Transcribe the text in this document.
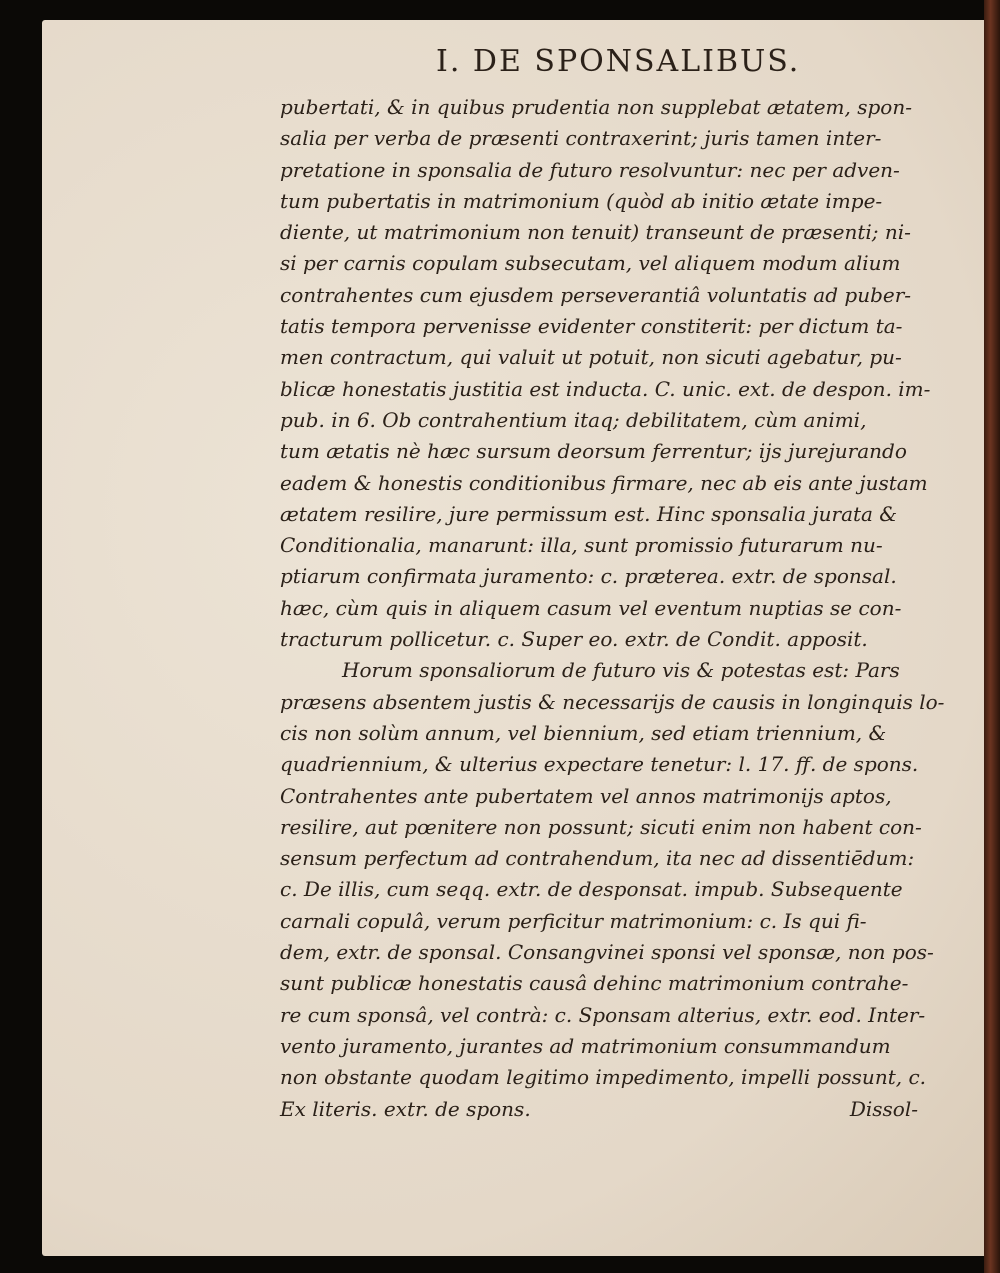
I. DE SPONSALIBUS.
pubertati, & in quibus prudentia non supplebat ætatem, spon-
salia per verba de præsenti contraxerint; juris tamen inter-
pretatione in sponsalia de futuro resolvuntur: nec per adven-
tum pubertatis in matrimonium (quòd ab initio ætate impe-
diente, ut matrimonium non tenuit) transeunt de præsenti; ni-
si per carnis copulam subsecutam, vel aliquem modum alium
contrahentes cum ejusdem perseverantiâ voluntatis ad puber-
tatis tempora pervenisse evidenter constiterit: per dictum ta-
men contractum, qui valuit ut potuit, non sicuti agebatur, pu-
blicæ honestatis justitia est inducta. C. unic. ext. de despon. im-
pub. in 6. Ob contrahentium itaq; debilitatem, cùm animi,
tum ætatis nè hæc sursum deorsum ferrentur; ijs jurejurando
eadem & honestis conditionibus firmare, nec ab eis ante justam
ætatem resilire, jure permissum est. Hinc sponsalia jurata &
Conditionalia, manarunt: illa, sunt promissio futurarum nu-
ptiarum confirmata juramento: c. præterea. extr. de sponsal.
hæc, cùm quis in aliquem casum vel eventum nuptias se con-
tracturum pollicetur. c. Super eo. extr. de Condit. apposit.
Horum sponsaliorum de futuro vis & potestas est: Pars
præsens absentem justis & necessarijs de causis in longinquis lo-
cis non solùm annum, vel biennium, sed etiam triennium, &
quadriennium, & ulterius expectare tenetur: l. 17. ff. de spons.
Contrahentes ante pubertatem vel annos matrimonijs aptos,
resilire, aut pœnitere non possunt; sicuti enim non habent con-
sensum perfectum ad contrahendum, ita nec ad dissentiēdum:
c. De illis, cum seqq. extr. de desponsat. impub. Subsequente
carnali copulâ, verum perficitur matrimonium: c. Is qui fi-
dem, extr. de sponsal. Consangvinei sponsi vel sponsæ, non pos-
sunt publicæ honestatis causâ dehinc matrimonium contrahe-
re cum sponsâ, vel contrà: c. Sponsam alterius, extr. eod. Inter-
vento juramento, jurantes ad matrimonium consummandum
non obstante quodam legitimo impedimento, impelli possunt, c.
Ex literis. extr. de spons.	Dissol-
